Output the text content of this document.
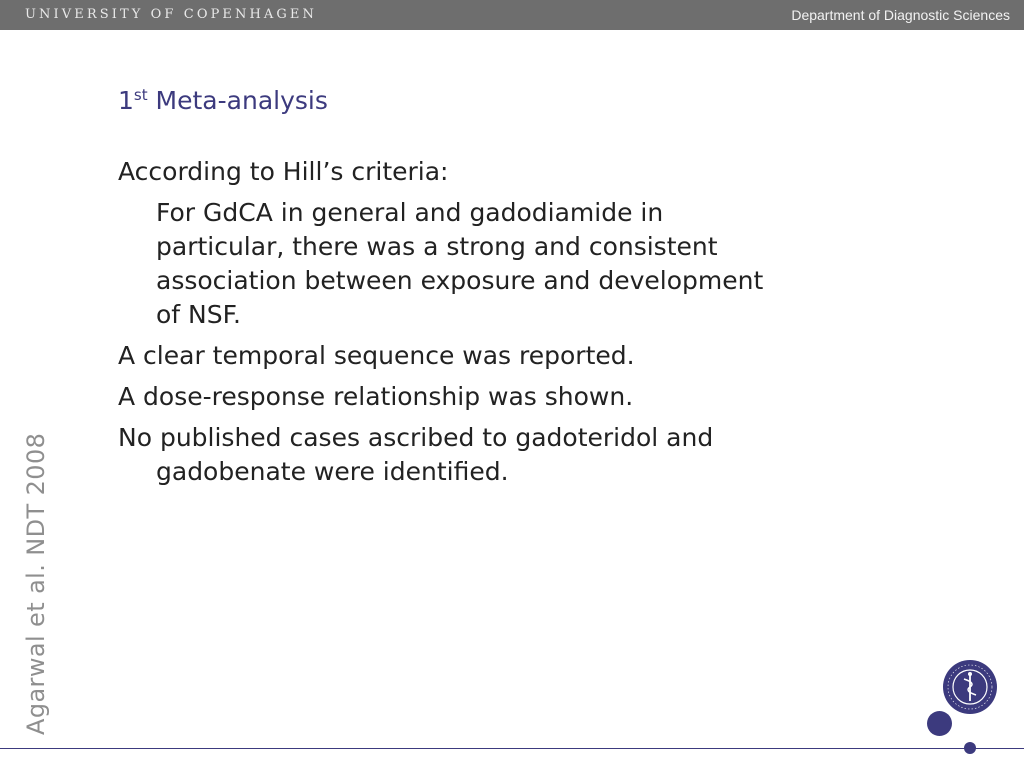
UNIVERSITY OF COPENHAGEN	Department of Diagnostic Sciences
1st Meta-analysis
According to Hill’s criteria:
For GdCA in general and gadodiamide in
particular, there was a strong and consistent
association between exposure and development
of NSF.
A clear temporal sequence was reported.
A dose-response relationship was shown.
No published cases ascribed to gadoteridol and
gadobenate were identified.
Agarwal et al. NDT 2008
